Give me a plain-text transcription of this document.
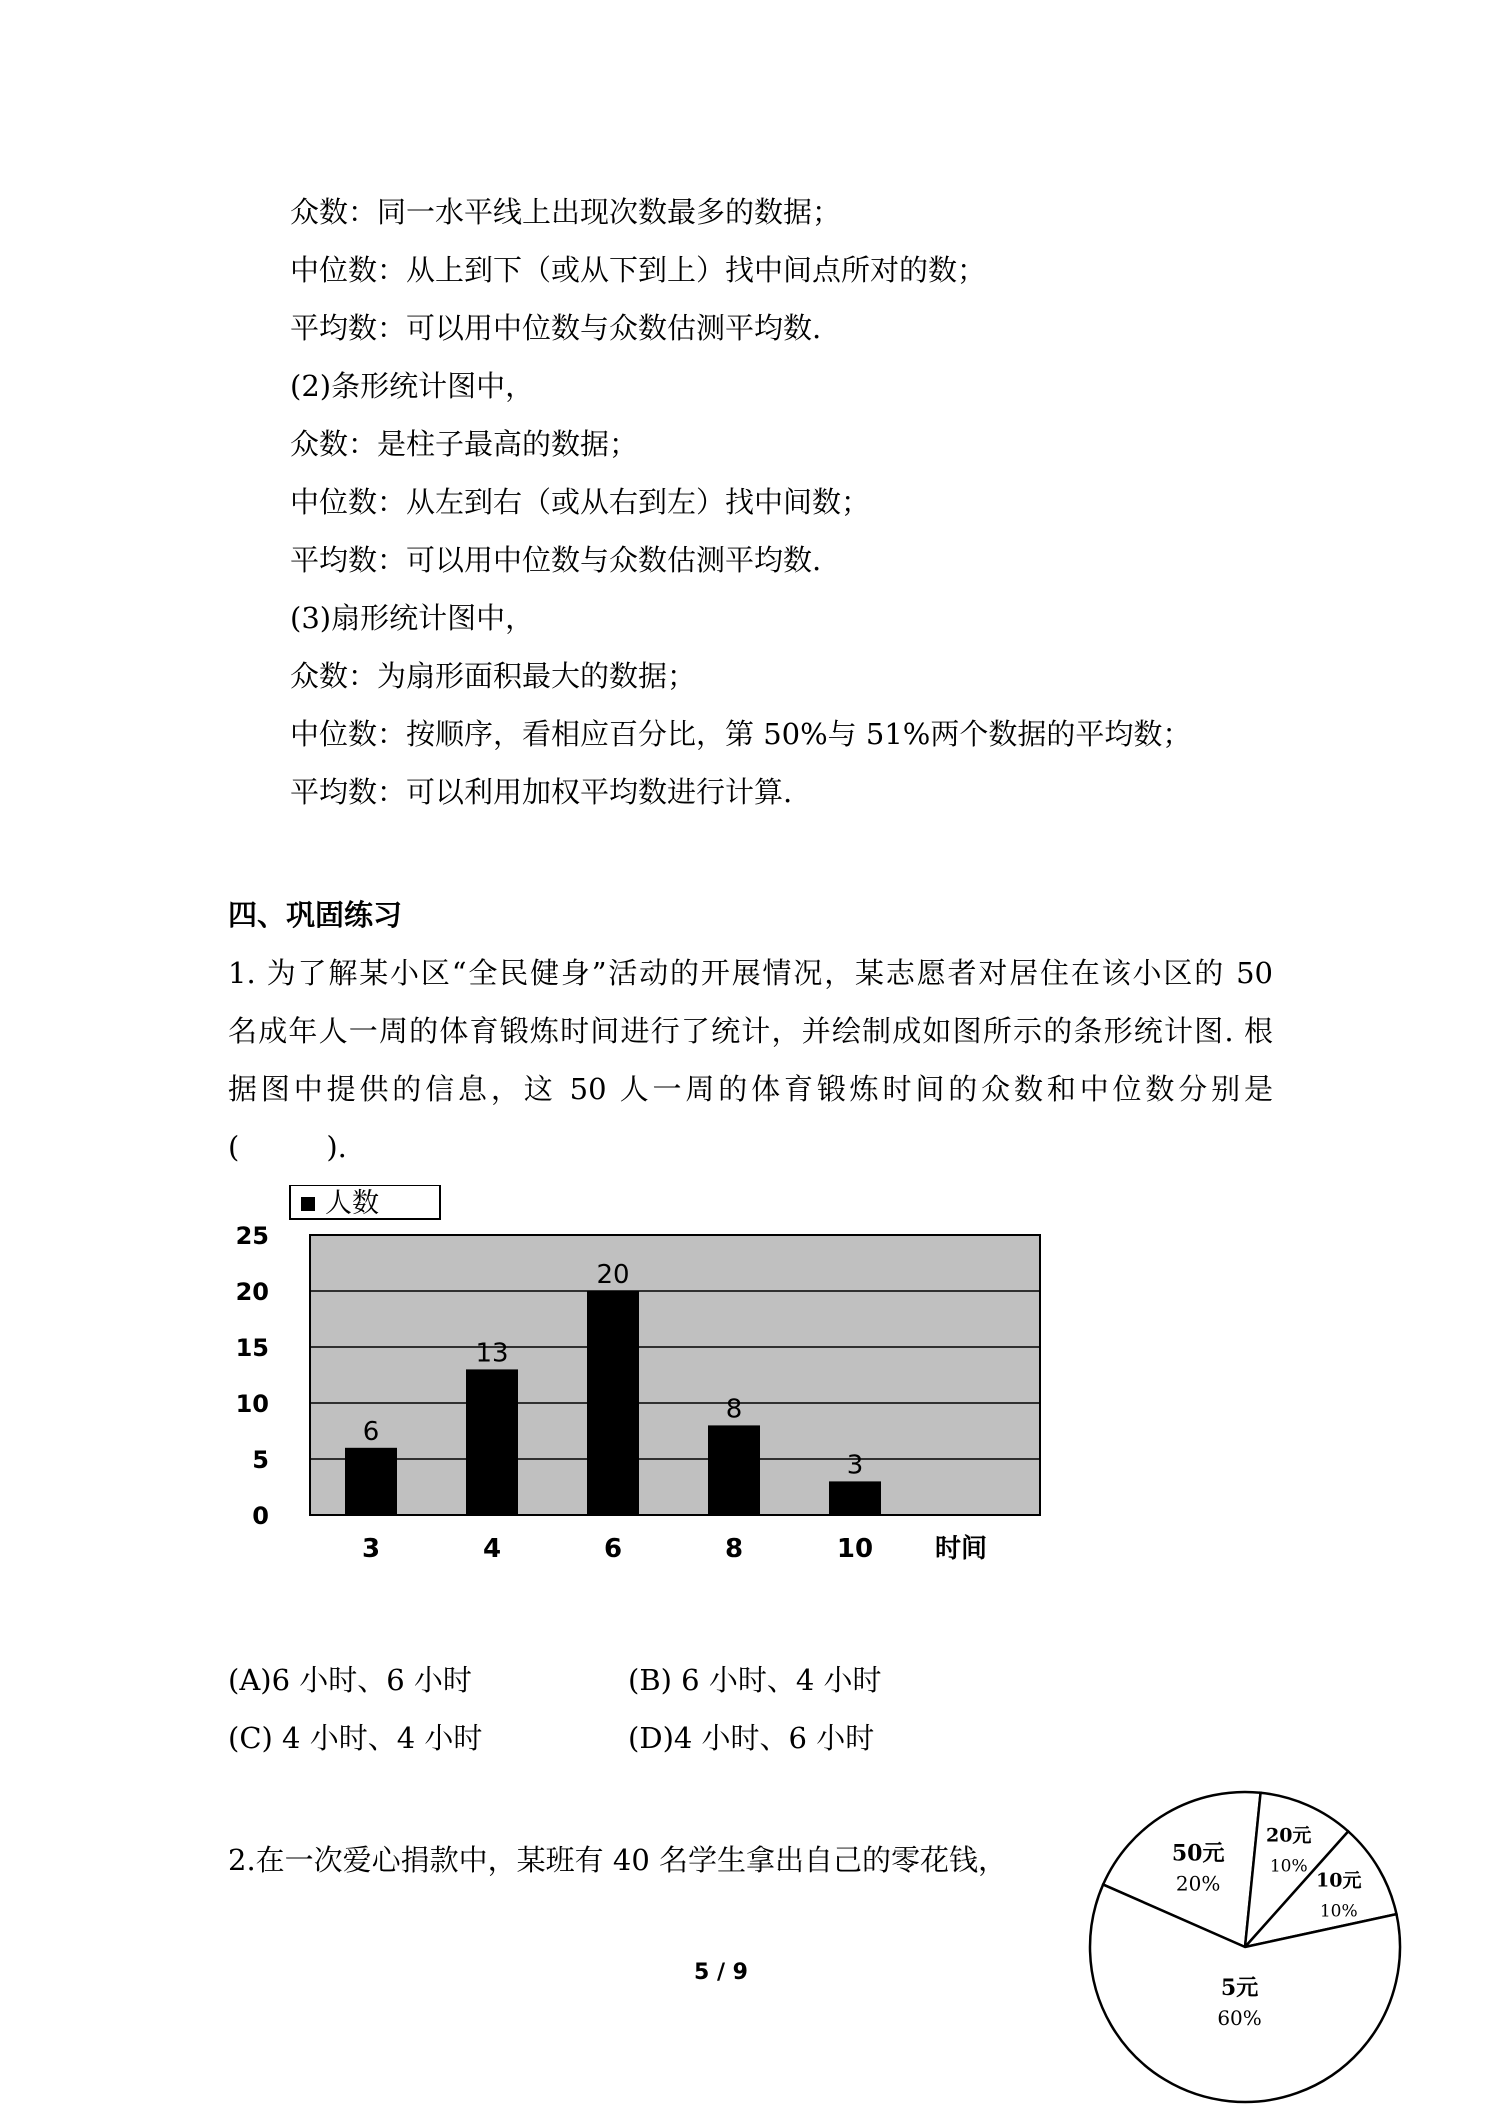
众数：同一水平线上出现次数最多的数据；
中位数：从上到下（或从下到上）找中间点所对的数；
平均数：可以用中位数与众数估测平均数.
(2)条形统计图中，
众数：是柱子最高的数据；
中位数：从左到右（或从右到左）找中间数；
平均数：可以用中位数与众数估测平均数.
(3)扇形统计图中，
众数：为扇形面积最大的数据；
中位数：按顺序，看相应百分比，第 50%与 51%两个数据的平均数；
平均数：可以利用加权平均数进行计算.
四、巩固练习
1. 为了解某小区“全民健身”活动的开展情况，某志愿者对居住在该小区的 50
名成年人一周的体育锻炼时间进行了统计，并绘制成如图所示的条形统计图. 根
据图中提供的信息，这 50 人一周的体育锻炼时间的众数和中位数分别是
(　　　).
0
5
10
15
20
25
6
13
20
8
3
3	4	6	8	10
人数
时间
(A)6 小时、6 小时	(B) 6 小时、4 小时
(C) 4 小时、4 小时	(D)4 小时、6 小时
2.在一次爱心捐款中，某班有 40 名学生拿出自己的零花钱，	50元
20%
20元
10%
10元
10%
5元
60%
5 / 9
